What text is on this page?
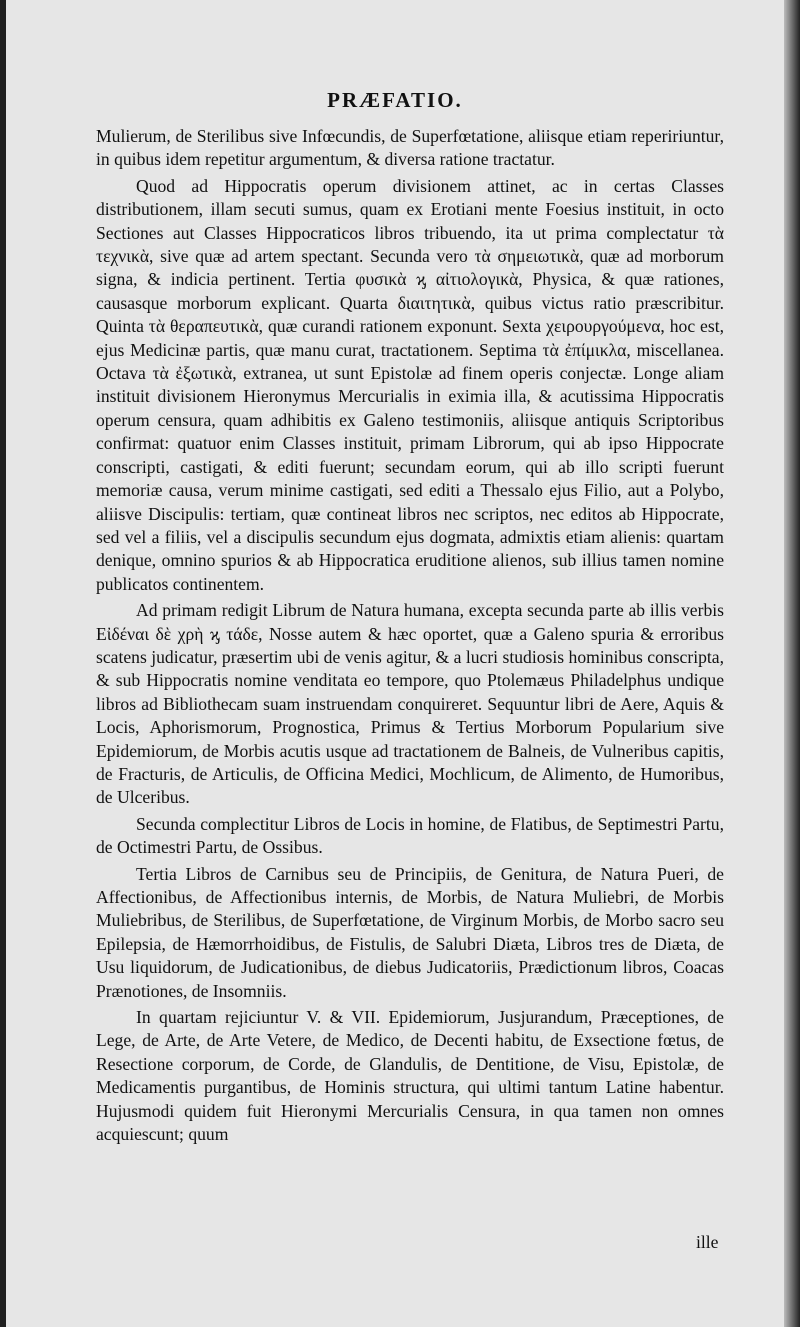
PRÆFATIO.

Mulierum, de Sterilibus sive Infœcundis, de Superfœtatione, aliisque etiam repeririuntur, in quibus idem repetitur argumentum, & diversa ratione tractatur.

Quod ad Hippocratis operum divisionem attinet, ac in certas Classes distributionem, illam secuti sumus, quam ex Erotiani mente Foesius instituit, in octo Sectiones aut Classes Hippocraticos libros tribuendo, ita ut prima complectatur τὰ τεχνικὰ, sive quæ ad artem spectant. Secunda vero τὰ σημειωτικὰ, quæ ad morborum signa, & indicia pertinent. Tertia φυσικὰ ϗ αἰτιολογικὰ, Physica, & quæ rationes, causasque morborum explicant. Quarta διαιτητικὰ, quibus victus ratio præscribitur. Quinta τὰ θεραπευτικὰ, quæ curandi rationem exponunt. Sexta χειρουργούμενα, hoc est, ejus Medicinæ partis, quæ manu curat, tractationem. Septima τὰ ἐπίμικλα, miscellanea. Octava τὰ ἐξωτικὰ, extranea, ut sunt Epistolæ ad finem operis conjectæ. Longe aliam instituit divisionem Hieronymus Mercurialis in eximia illa, & acutissima Hippocratis operum censura, quam adhibitis ex Galeno testimoniis, aliisque antiquis Scriptoribus confirmat: quatuor enim Classes instituit, primam Librorum, qui ab ipso Hippocrate conscripti, castigati, & editi fuerunt; secundam eorum, qui ab illo scripti fuerunt memoriæ causa, verum minime castigati, sed editi a Thessalo ejus Filio, aut a Polybo, aliisve Discipulis: tertiam, quæ contineat libros nec scriptos, nec editos ab Hippocrate, sed vel a filiis, vel a discipulis secundum ejus dogmata, admixtis etiam alienis: quartam denique, omnino spurios & ab Hippocratica eruditione alienos, sub illius tamen nomine publicatos continentem.

Ad primam redigit Librum de Natura humana, excepta secunda parte ab illis verbis Εἰδέναι δὲ χρὴ ϗ τάδε, Nosse autem & hæc oportet, quæ a Galeno spuria & erroribus scatens judicatur, præsertim ubi de venis agitur, & a lucri studiosis hominibus conscripta, & sub Hippocratis nomine venditata eo tempore, quo Ptolemæus Philadelphus undique libros ad Bibliothecam suam instruendam conquireret. Sequuntur libri de Aere, Aquis & Locis, Aphorismorum, Prognostica, Primus & Tertius Morborum Popularium sive Epidemiorum, de Morbis acutis usque ad tractationem de Balneis, de Vulneribus capitis, de Fracturis, de Articulis, de Officina Medici, Mochlicum, de Alimento, de Humoribus, de Ulceribus.

Secunda complectitur Libros de Locis in homine, de Flatibus, de Septimestri Partu, de Octimestri Partu, de Ossibus.

Tertia Libros de Carnibus seu de Principiis, de Genitura, de Natura Pueri, de Affectionibus, de Affectionibus internis, de Morbis, de Natura Muliebri, de Morbis Muliebribus, de Sterilibus, de Superfœtatione, de Virginum Morbis, de Morbo sacro seu Epilepsia, de Hæmorrhoidibus, de Fistulis, de Salubri Diæta, Libros tres de Diæta, de Usu liquidorum, de Judicationibus, de diebus Judicatoriis, Prædictionum libros, Coacas Prænotiones, de Insomniis.

In quartam rejiciuntur V. & VII. Epidemiorum, Jusjurandum, Præceptiones, de Lege, de Arte, de Arte Vetere, de Medico, de Decenti habitu, de Exsectione fœtus, de Resectione corporum, de Corde, de Glandulis, de Dentitione, de Visu, Epistolæ, de Medicamentis purgantibus, de Hominis structura, qui ultimi tantum Latine habentur. Hujusmodi quidem fuit Hieronymi Mercurialis Censura, in qua tamen non omnes acquiescunt; quum

ille
